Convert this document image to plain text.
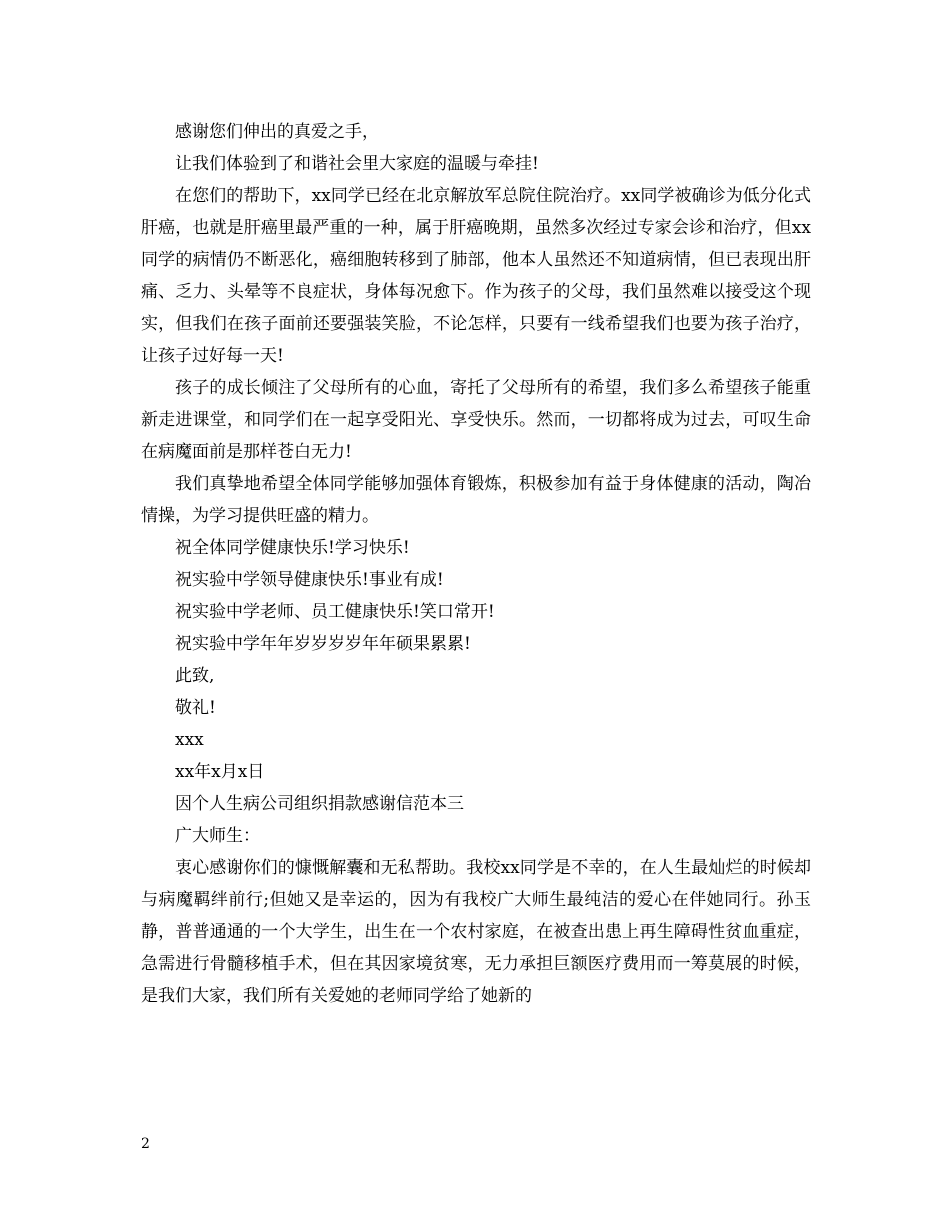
感谢您们伸出的真爱之手，

让我们体验到了和谐社会里大家庭的温暖与牵挂!

在您们的帮助下，xx同学已经在北京解放军总院住院治疗。xx同学被确诊为低分化式肝癌，也就是肝癌里最严重的一种，属于肝癌晚期，虽然多次经过专家会诊和治疗，但xx同学的病情仍不断恶化，癌细胞转移到了肺部，他本人虽然还不知道病情，但已表现出肝痛、乏力、头晕等不良症状，身体每况愈下。作为孩子的父母，我们虽然难以接受这个现实，但我们在孩子面前还要强装笑脸，不论怎样，只要有一线希望我们也要为孩子治疗，让孩子过好每一天!

孩子的成长倾注了父母所有的心血，寄托了父母所有的希望，我们多么希望孩子能重新走进课堂，和同学们在一起享受阳光、享受快乐。然而，一切都将成为过去，可叹生命在病魔面前是那样苍白无力!

我们真挚地希望全体同学能够加强体育锻炼，积极参加有益于身体健康的活动，陶冶情操，为学习提供旺盛的精力。

祝全体同学健康快乐!学习快乐!

祝实验中学领导健康快乐!事业有成!

祝实验中学老师、员工健康快乐!笑口常开!

祝实验中学年年岁岁岁岁年年硕果累累!

此致,

敬礼!

xxx

xx年x月x日

因个人生病公司组织捐款感谢信范本三

广大师生：

衷心感谢你们的慷慨解囊和无私帮助。我校xx同学是不幸的，在人生最灿烂的时候却与病魔羁绊前行;但她又是幸运的，因为有我校广大师生最纯洁的爱心在伴她同行。孙玉静，普普通通的一个大学生，出生在一个农村家庭，在被查出患上再生障碍性贫血重症，急需进行骨髓移植手术，但在其因家境贫寒，无力承担巨额医疗费用而一筹莫展的时候，是我们大家，我们所有关爱她的老师同学给了她新的

2
